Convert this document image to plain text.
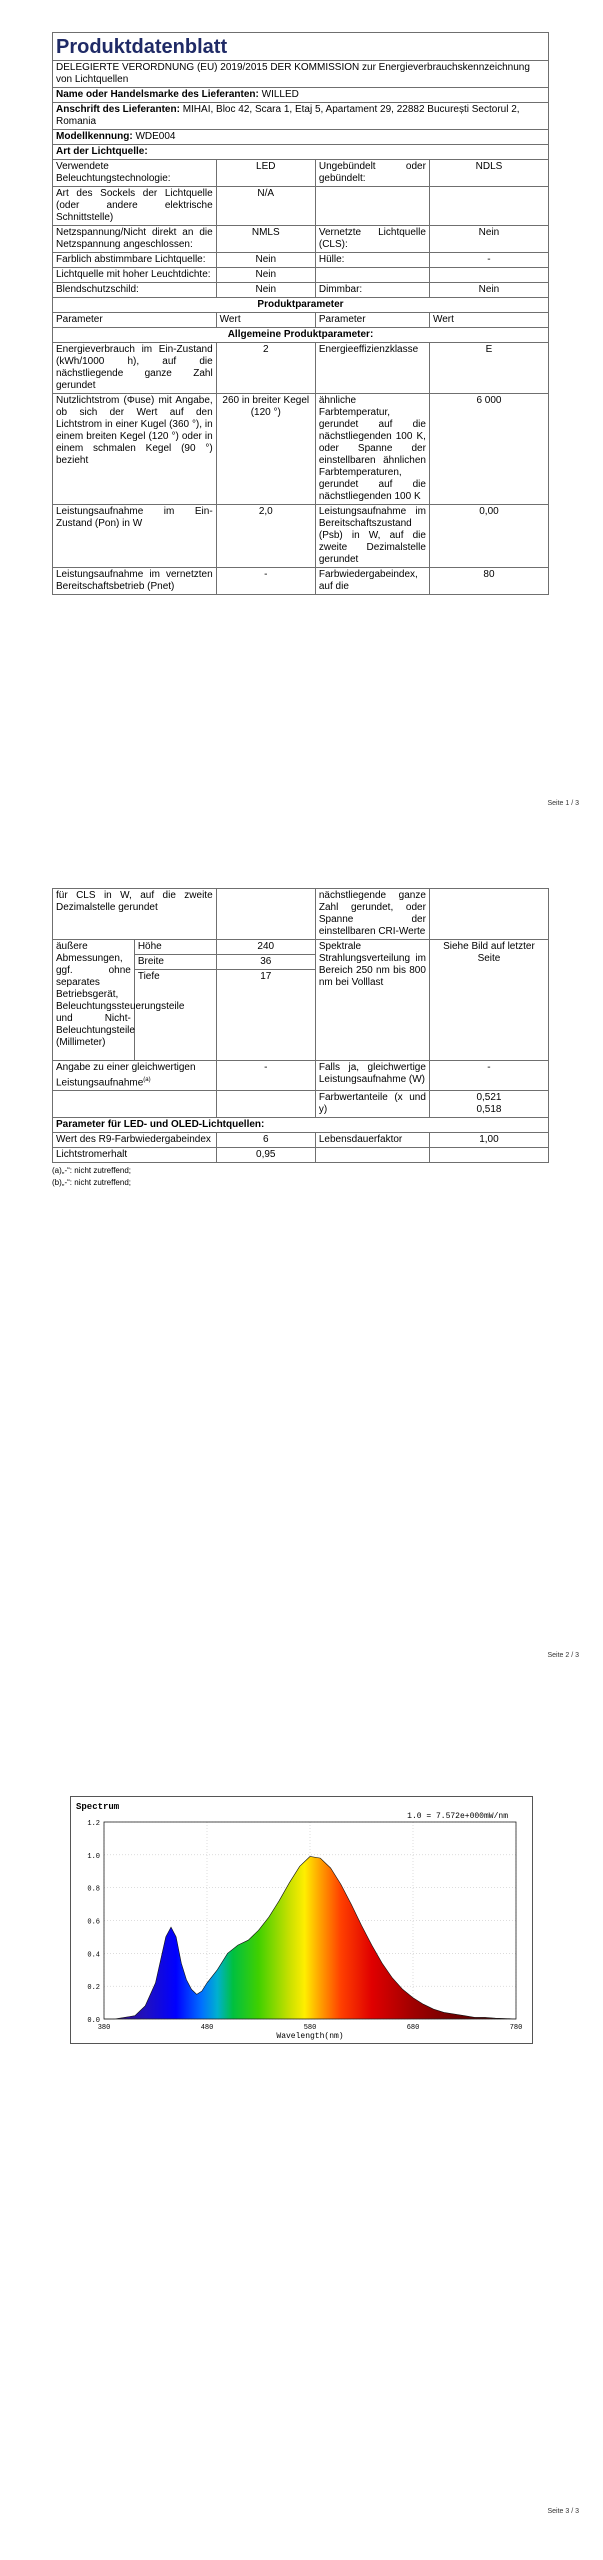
Produktdatenblatt
DELEGIERTE VERORDNUNG (EU) 2019/2015 DER KOMMISSION zur Energieverbrauchskennzeichnung von Lichtquellen
Name oder Handelsmarke des Lieferanten: WILLED
Anschrift des Lieferanten: MIHAI, Bloc 42, Scara 1, Etaj 5, Apartament 29, 22882 București Sectorul 2, Romania
Modellkennung: WDE004
Art der Lichtquelle:
Verwendete Beleuchtungstechnologie:	LED	Ungebündelt oder gebündelt:	NDLS
Art des Sockels der Lichtquelle (oder andere elektrische Schnittstelle)	N/A		
Netzspannung/Nicht direkt an die Netzspannung angeschlossen:	NMLS	Vernetzte Lichtquelle (CLS):	Nein
Farblich abstimmbare Lichtquelle:	Nein	Hülle:	-
Lichtquelle mit hoher Leuchtdichte:	Nein		
Blendschutzschild:	Nein	Dimmbar:	Nein
Produktparameter			
Parameter	Wert	Parameter	Wert
Allgemeine Produktparameter:			
Energieverbrauch im Ein-Zustand (kWh/1000 h), auf die nächstliegende ganze Zahl gerundet	2	Energieeffizienzklasse	E
Nutzlichtstrom (Φuse) mit Angabe, ob sich der Wert auf den Lichtstrom in einer Kugel (360 °), in einem breiten Kegel (120 °) oder in einem schmalen Kegel (90 °) bezieht	260 in breiter Kegel (120 °)	ähnliche Farbtemperatur, gerundet auf die nächstliegenden 100 K, oder Spanne der einstellbaren ähnlichen Farbtemperaturen, gerundet auf die nächstliegenden 100 K	6 000
Leistungsaufnahme im Ein-Zustand (Pon) in W	2,0	Leistungsaufnahme im Bereitschaftszustand (Psb) in W, auf die zweite Dezimalstelle gerundet	0,00
Leistungsaufnahme im vernetzten Bereitschaftsbetrieb (Pnet)	-	Farbwiedergabeindex, auf die	80
Seite 1 / 3
für CLS in W, auf die zweite Dezimalstelle gerundet			nächstliegende ganze Zahl gerundet, oder Spanne der einstellbaren CRI-Werte	
äußere Abmessungen, ggf. ohne separates Betriebsgerät, Beleuchtungssteuerungsteile und Nicht-Beleuchtungsteile (Millimeter)	Höhe	240	Spektrale Strahlungsverteilung im Bereich 250 nm bis 800 nm bei Volllast	Siehe Bild auf letzter Seite
	Breite	36		
	Tiefe	17		
Angabe zu einer gleichwertigen Leistungsaufnahme$^{(a)}$		-	Falls ja, gleichwertige Leistungsaufnahme (W)	-
			Farbwertanteile (x und y)	0,521
0,518

Parameter für LED- und OLED-Lichtquellen:				
Wert des R9-Farbwiedergabeindex		6	Lebensdauerfaktor	1,00
Lichtstromerhalt		0,95		
(a)„-“: nicht zutreffend;
(b)„-“: nicht zutreffend;
Seite 2 / 3
Spectrum
1.0 = 7.572e+000mW/nm
0.0
0.2
0.4
0.6
0.8
1.0
1.2
380	480	580	680	780
Wavelength(nm)
Seite 3 / 3
